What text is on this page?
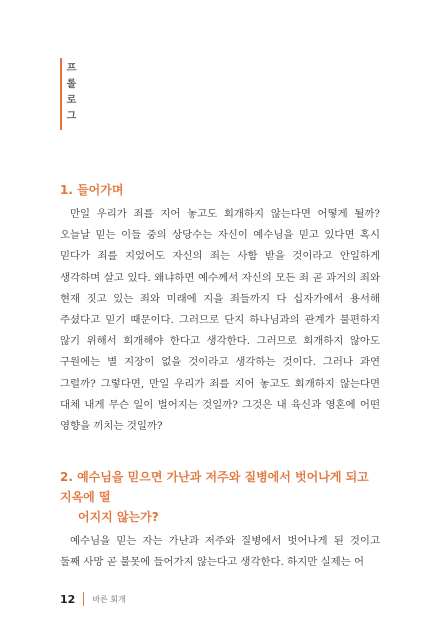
프롤로그
1. 들어가며

만일 우리가 죄를 지어 놓고도 회개하지 않는다면 어떻게 될까? 오늘날 믿는 이들 중의 상당수는 자신이 예수님을 믿고 있다면 혹시 믿다가 죄를 지었어도 자신의 죄는 사함 받을 것이라고 안일하게 생각하며 살고 있다. 왜냐하면 예수께서 자신의 모든 죄 곧 과거의 죄와 현재 짓고 있는 죄와 미래에 지을 죄들까지 다 십자가에서 용서해 주셨다고 믿기 때문이다. 그러므로 단지 하나님과의 관계가 불편하지 않기 위해서 회개해야 한다고 생각한다. 그러므로 회개하지 않아도 구원에는 별 지장이 없을 것이라고 생각하는 것이다. 그러나 과연 그럴까? 그렇다면, 만일 우리가 죄를 지어 놓고도 회개하지 않는다면 대체 내게 무슨 일이 벌어지는 것일까? 그것은 내 육신과 영혼에 어떤 영향을 끼치는 것일까?

2. 예수님을 믿으면 가난과 저주와 질병에서 벗어나게 되고 지옥에 떨
어지지 않는가?

예수님을 믿는 자는 가난과 저주와 질병에서 벗어나게 된 것이고 둘째 사망 곧 불못에 들어가지 않는다고 생각한다. 하지만 실제는 어

12 바른 회개
